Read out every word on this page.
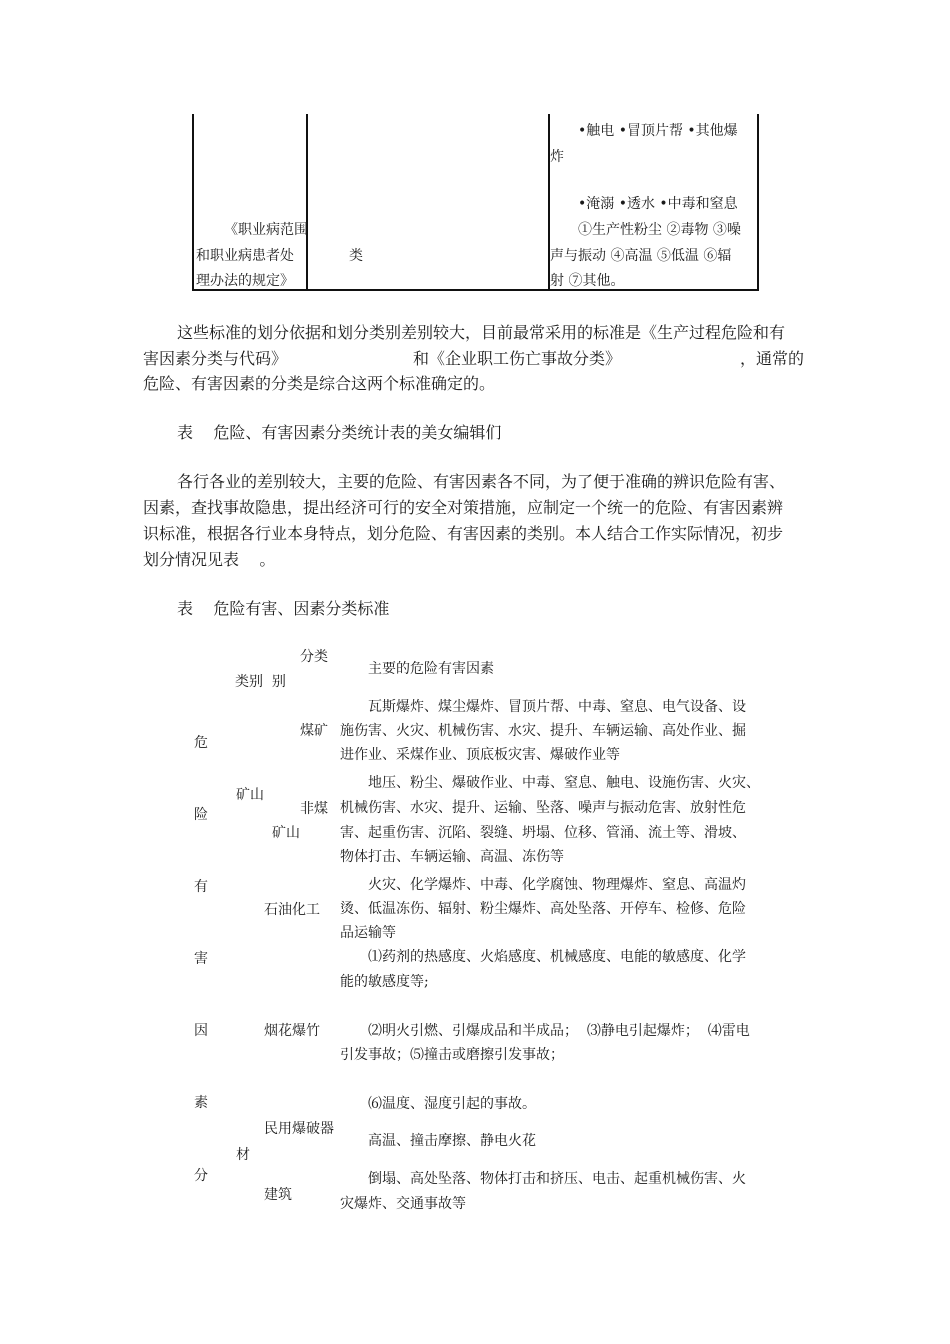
•触电 •冒顶片帮 •其他爆
炸
•淹溺 •透水 •中毒和窒息
①生产性粉尘 ②毒物 ③噪
声与振动 ④高温 ⑤低温 ⑥辐
射 ⑦其他。
《职业病范围
和职业病患者处
理办法的规定》
类
这些标准的划分依据和划分类别差别较大，目前最常采用的标准是《生产过程危险和有
害因素分类与代码》	和《企业职工伤亡事故分类》	，通常的
危险、有害因素的分类是综合这两个标准确定的。
表    危险、有害因素分类统计表的美女编辑们
各行各业的差别较大，主要的危险、有害因素各不同，为了便于准确的辨识危险有害、
因素，查找事故隐患，提出经济可行的安全对策措施，应制定一个统一的危险、有害因素辨
识标准，根据各行业本身特点，划分危险、有害因素的类别。本人结合工作实际情况，初步
划分情况见表    。
表    危险有害、因素分类标准
分类
类别  别
主要的危险有害因素
危
险
有
害
因
素
分
矿山
材
煤矿
瓦斯爆炸、煤尘爆炸、冒顶片帮、中毒、窒息、电气设备、设
施伤害、火灾、机械伤害、水灾、提升、车辆运输、高处作业、掘
进作业、采煤作业、顶底板灾害、爆破作业等
非煤
矿山
地压、粉尘、爆破作业、中毒、窒息、触电、设施伤害、火灾、
机械伤害、水灾、提升、运输、坠落、噪声与振动危害、放射性危
害、起重伤害、沉陷、裂缝、坍塌、位移、管涌、流土等、滑坡、
物体打击、车辆运输、高温、冻伤等
石油化工
火灾、化学爆炸、中毒、化学腐蚀、物理爆炸、窒息、高温灼
烫、低温冻伤、辐射、粉尘爆炸、高处坠落、开停车、检修、危险
品运输等
烟花爆竹
⑴药剂的热感度、火焰感度、机械感度、电能的敏感度、化学
能的敏感度等;
⑵明火引燃、引爆成品和半成品；  ⑶静电引起爆炸；  ⑷雷电
引发事故；⑸撞击或磨擦引发事故；
⑹温度、湿度引起的事故。
民用爆破器
高温、撞击摩擦、静电火花
建筑
倒塌、高处坠落、物体打击和挤压、电击、起重机械伤害、火
灾爆炸、交通事故等
